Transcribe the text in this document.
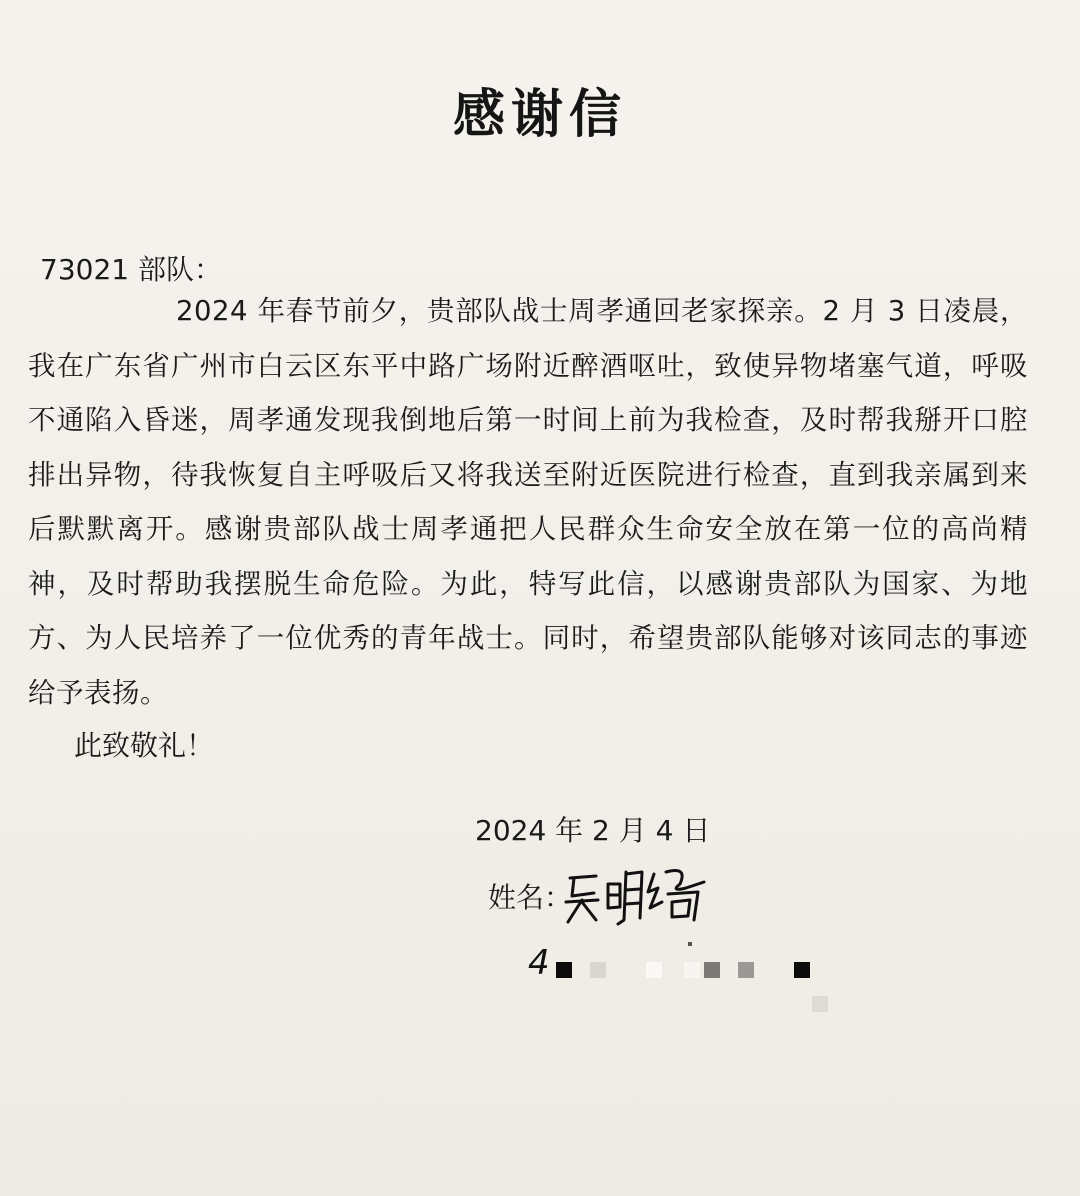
感谢信
73021 部队：

2024 年春节前夕，贵部队战士周孝通回老家探亲。2 月 3 日凌晨，我在广东省广州市白云区东平中路广场附近醉酒呕吐，致使异物堵塞气道，呼吸不通陷入昏迷，周孝通发现我倒地后第一时间上前为我检查，及时帮我掰开口腔排出异物，待我恢复自主呼吸后又将我送至附近医院进行检查，直到我亲属到来后默默离开。感谢贵部队战士周孝通把人民群众生命安全放在第一位的高尚精神，及时帮助我摆脱生命危险。为此，特写此信，以感谢贵部队为国家、为地方、为人民培养了一位优秀的青年战士。同时，希望贵部队能够对该同志的事迹给予表扬。

此致敬礼！
2024 年 2 月 4 日
姓名：
4
